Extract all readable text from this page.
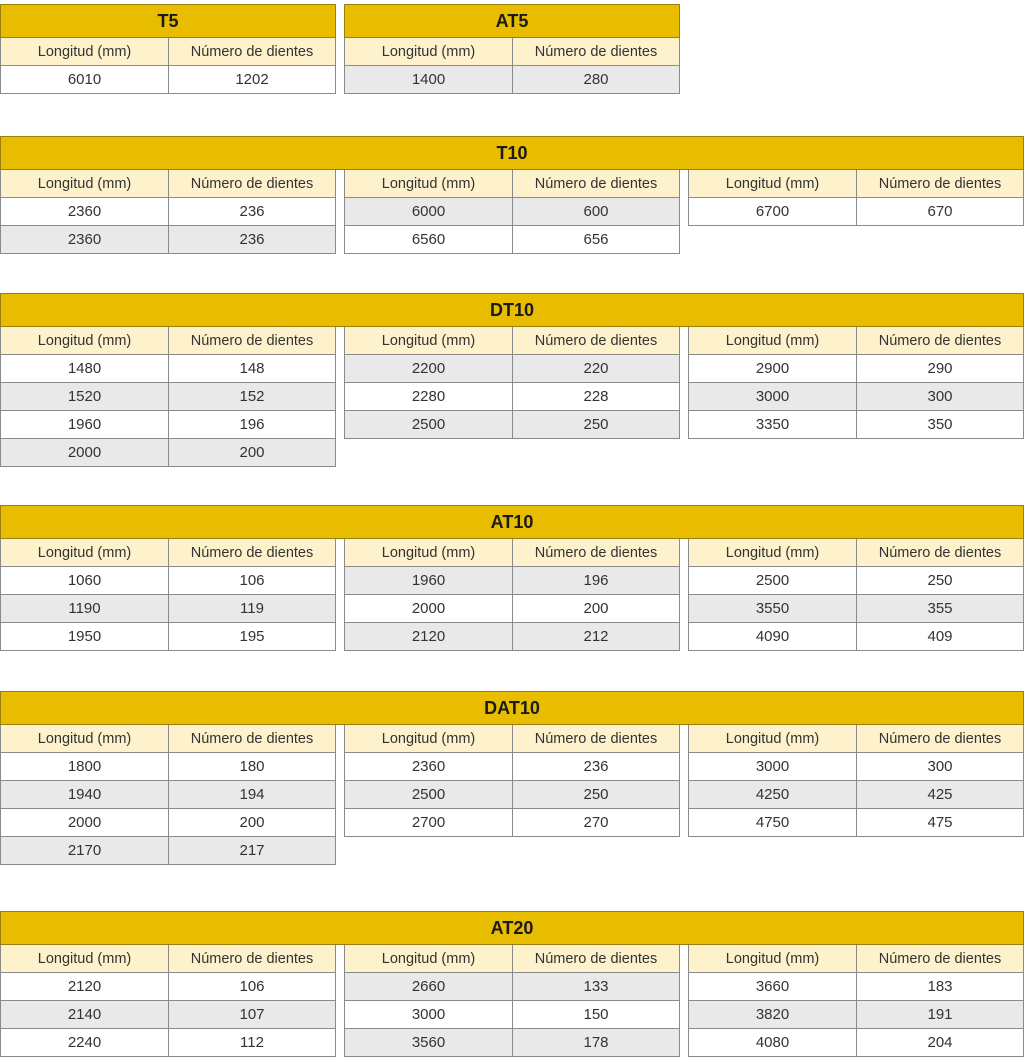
T5
Longitud (mm)	Número de dientes
6010	1202
AT5
Longitud (mm)	Número de dientes
1400	280
T10
Longitud (mm)	Número de dientes
2360	236
2360	236
Longitud (mm)	Número de dientes
6000	600
6560	656
Longitud (mm)	Número de dientes
6700	670
DT10
Longitud (mm)	Número de dientes
1480	148
1520	152
1960	196
2000	200
Longitud (mm)	Número de dientes
2200	220
2280	228
2500	250
Longitud (mm)	Número de dientes
2900	290
3000	300
3350	350
AT10
Longitud (mm)	Número de dientes
1060	106
1190	119
1950	195
Longitud (mm)	Número de dientes
1960	196
2000	200
2120	212
Longitud (mm)	Número de dientes
2500	250
3550	355
4090	409
DAT10
Longitud (mm)	Número de dientes
1800	180
1940	194
2000	200
2170	217
Longitud (mm)	Número de dientes
2360	236
2500	250
2700	270
Longitud (mm)	Número de dientes
3000	300
4250	425
4750	475
AT20
Longitud (mm)	Número de dientes
2120	106
2140	107
2240	112
Longitud (mm)	Número de dientes
2660	133
3000	150
3560	178
Longitud (mm)	Número de dientes
3660	183
3820	191
4080	204
